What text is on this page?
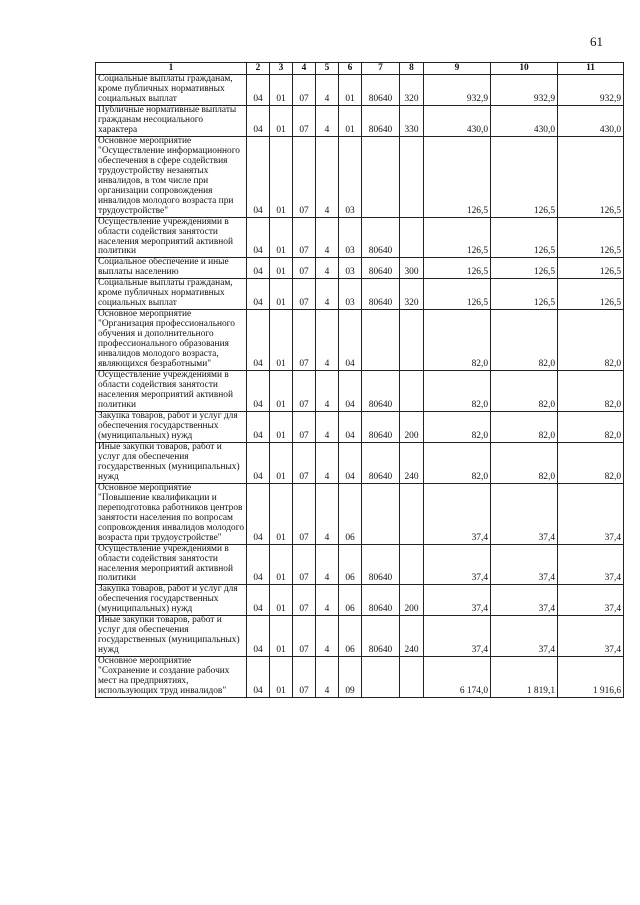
61
1	2	3	4	5	6	7	8	9	10	11
Социальные выплаты гражданам, кроме публичных нормативных социальных выплат	04	01	07	4	01	80640	320	932,9	932,9	932,9
Публичные нормативные выплаты гражданам несоциального характера	04	01	07	4	01	80640	330	430,0	430,0	430,0
Основное мероприятие "Осуществление информационного обеспечения в сфере содействия трудоустройству незанятых инвалидов, в том числе при организации сопровождения инвалидов молодого возраста при трудоустройстве"	04	01	07	4	03			126,5	126,5	126,5
Осуществление учреждениями в области содействия занятости населения мероприятий активной политики	04	01	07	4	03	80640		126,5	126,5	126,5
Социальное обеспечение и иные выплаты населению	04	01	07	4	03	80640	300	126,5	126,5	126,5
Социальные выплаты гражданам, кроме публичных нормативных социальных выплат	04	01	07	4	03	80640	320	126,5	126,5	126,5
Основное мероприятие "Организация профессионального обучения и дополнительного профессионального образования инвалидов молодого возраста, являющихся безработными"	04	01	07	4	04			82,0	82,0	82,0
Осуществление учреждениями в области содействия занятости населения мероприятий активной политики	04	01	07	4	04	80640		82,0	82,0	82,0
Закупка товаров, работ и услуг для обеспечения государственных (муниципальных) нужд	04	01	07	4	04	80640	200	82,0	82,0	82,0
Иные закупки товаров, работ и услуг для обеспечения государственных (муниципальных) нужд	04	01	07	4	04	80640	240	82,0	82,0	82,0
Основное мероприятие "Повышение квалификации и переподготовка работников центров занятости населения по вопросам сопровождения инвалидов молодого возраста при трудоустройстве"	04	01	07	4	06			37,4	37,4	37,4
Осуществление учреждениями в области содействия занятости населения мероприятий активной политики	04	01	07	4	06	80640		37,4	37,4	37,4
Закупка товаров, работ и услуг для обеспечения государственных (муниципальных) нужд	04	01	07	4	06	80640	200	37,4	37,4	37,4
Иные закупки товаров, работ и услуг для обеспечения государственных (муниципальных) нужд	04	01	07	4	06	80640	240	37,4	37,4	37,4
Основное мероприятие "Сохранение и создание рабочих мест на предприятиях, использующих труд инвалидов"	04	01	07	4	09			6 174,0	1 819,1	1 916,6
